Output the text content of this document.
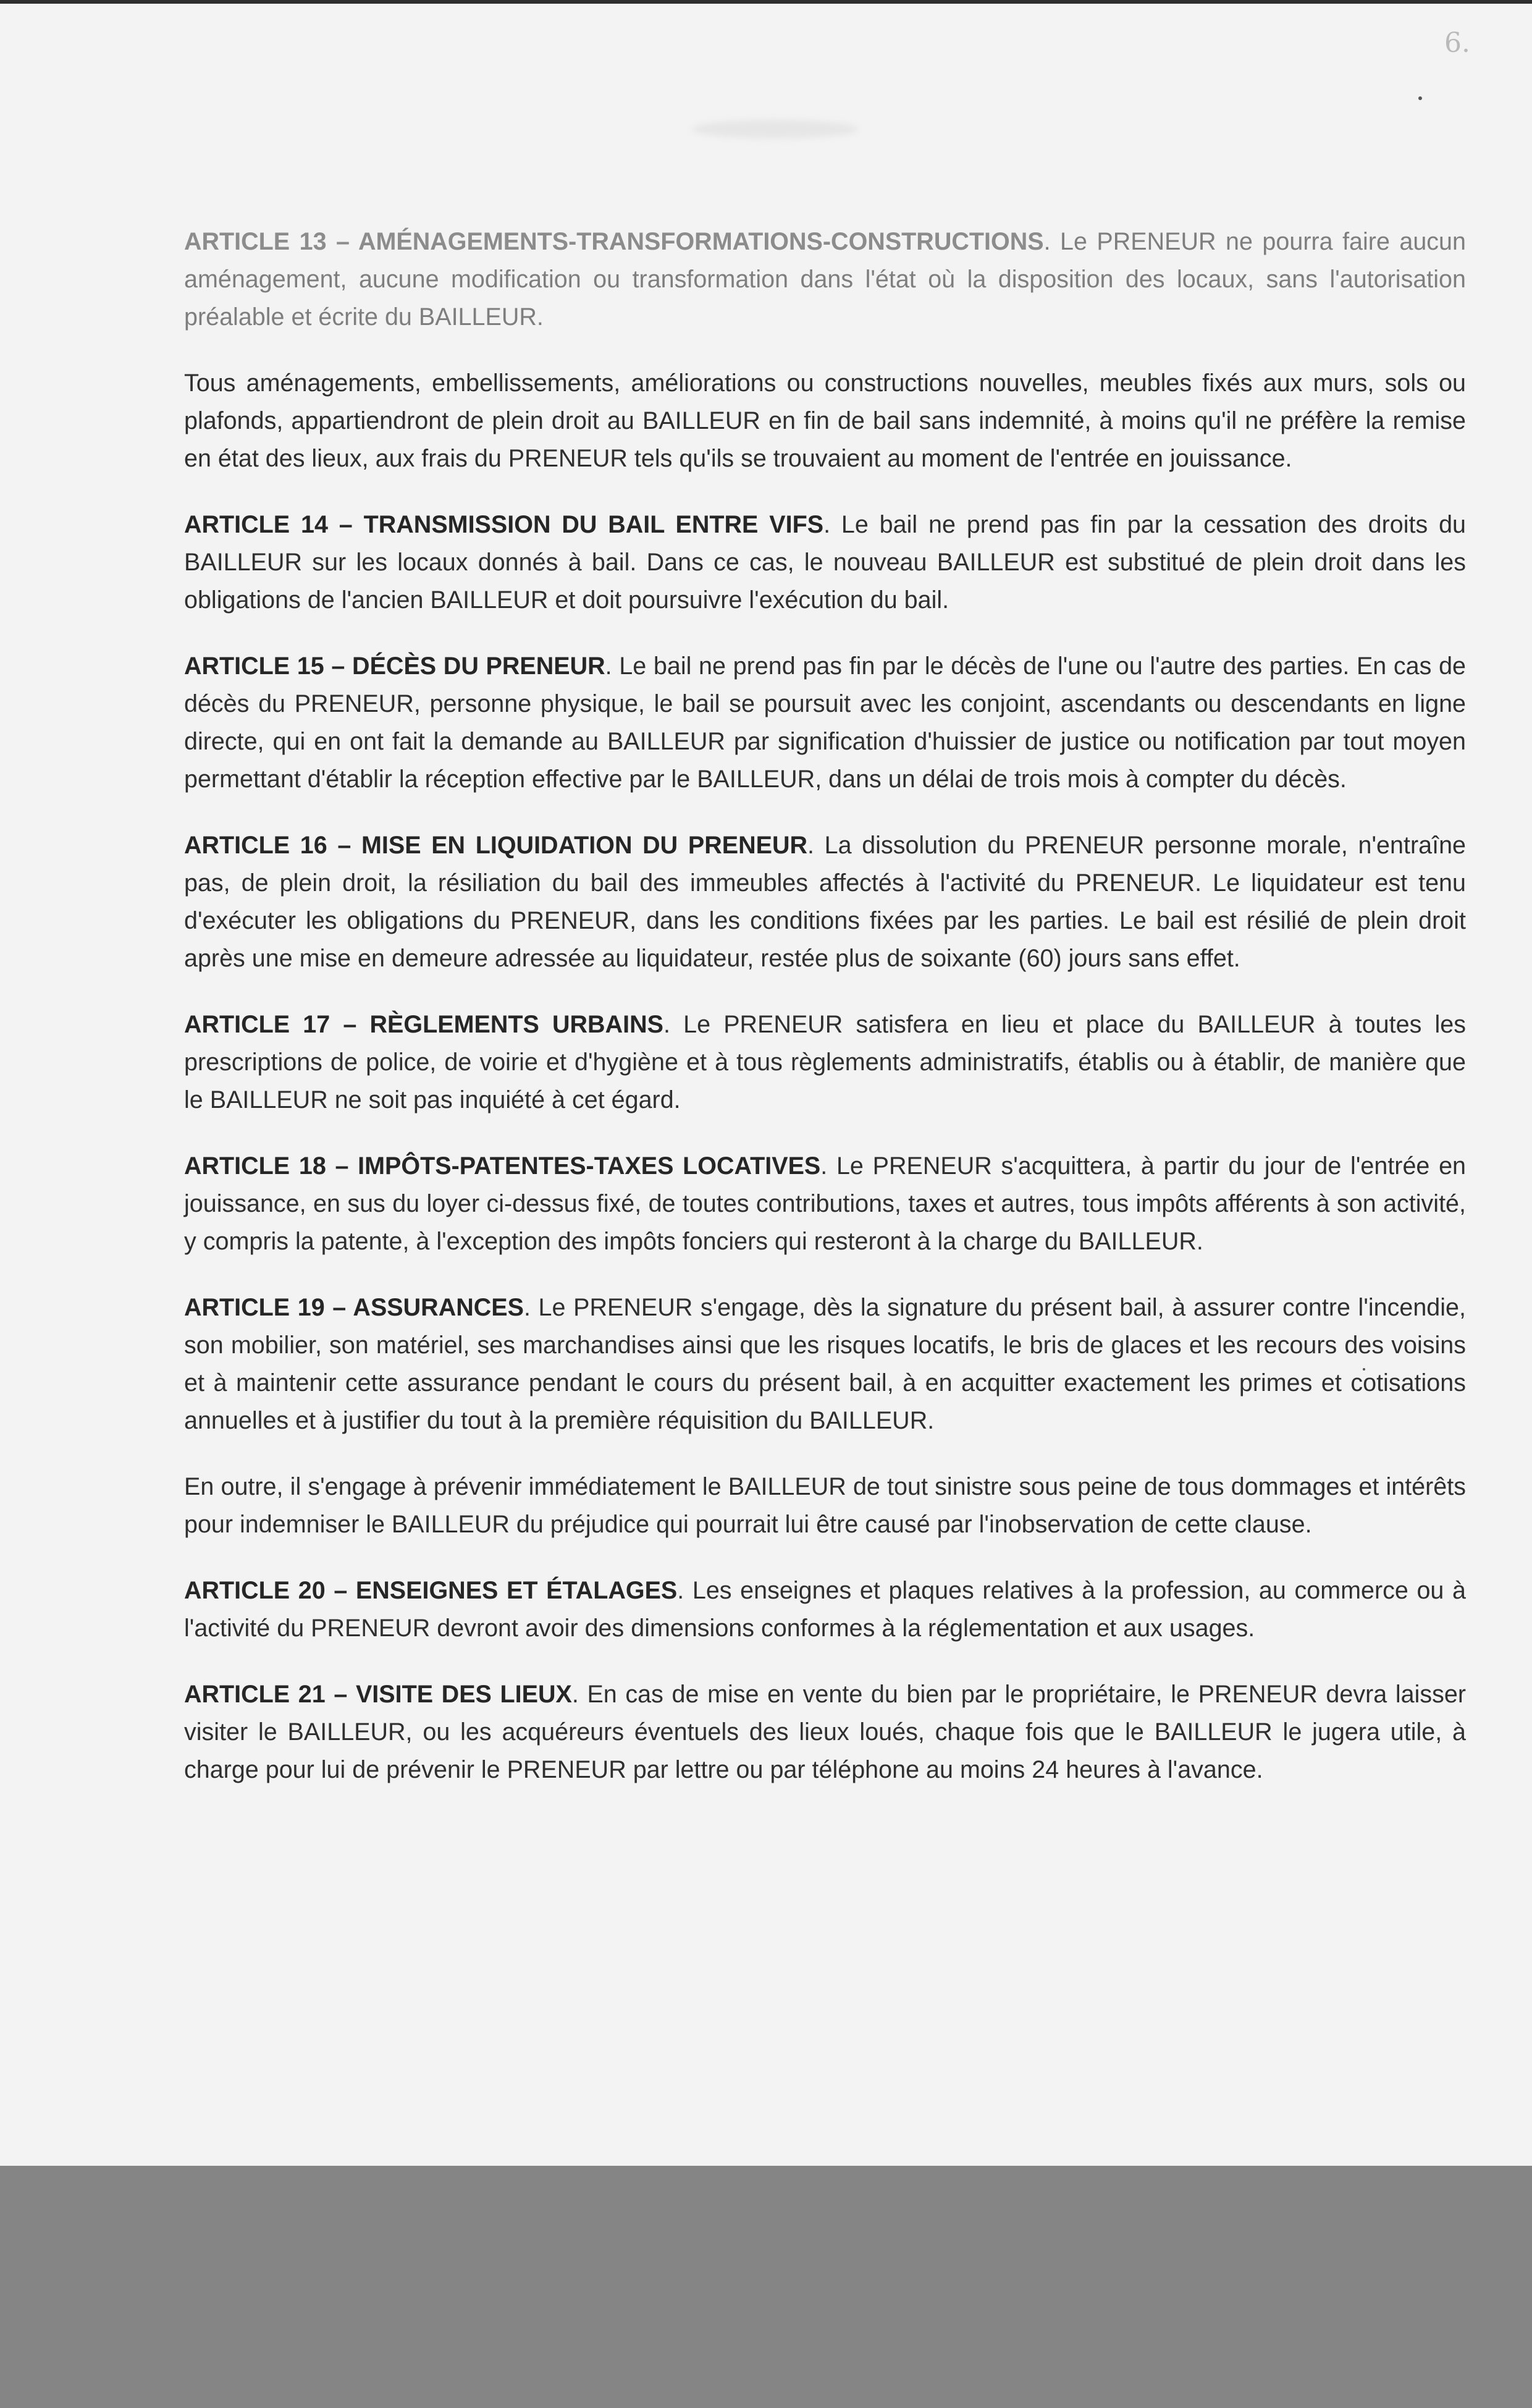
6.

ARTICLE 13 – AMÉNAGEMENTS-TRANSFORMATIONS-CONSTRUCTIONS. Le PRENEUR ne pourra faire aucun aménagement, aucune modification ou transformation dans l'état où la disposition des locaux, sans l'autorisation préalable et écrite du BAILLEUR.

Tous aménagements, embellissements, améliorations ou constructions nouvelles, meubles fixés aux murs, sols ou plafonds, appartiendront de plein droit au BAILLEUR en fin de bail sans indemnité, à moins qu'il ne préfère la remise en état des lieux, aux frais du PRENEUR tels qu'ils se trouvaient au moment de l'entrée en jouissance.

ARTICLE 14 – TRANSMISSION DU BAIL ENTRE VIFS. Le bail ne prend pas fin par la cessation des droits du BAILLEUR sur les locaux donnés à bail. Dans ce cas, le nouveau BAILLEUR est substitué de plein droit dans les obligations de l'ancien BAILLEUR et doit poursuivre l'exécution du bail.

ARTICLE 15 – DÉCÈS DU PRENEUR. Le bail ne prend pas fin par le décès de l'une ou l'autre des parties. En cas de décès du PRENEUR, personne physique, le bail se poursuit avec les conjoint, ascendants ou descendants en ligne directe, qui en ont fait la demande au BAILLEUR par signification d'huissier de justice ou notification par tout moyen permettant d'établir la réception effective par le BAILLEUR, dans un délai de trois mois à compter du décès.

ARTICLE 16 – MISE EN LIQUIDATION DU PRENEUR. La dissolution du PRENEUR personne morale, n'entraîne pas, de plein droit, la résiliation du bail des immeubles affectés à l'activité du PRENEUR. Le liquidateur est tenu d'exécuter les obligations du PRENEUR, dans les conditions fixées par les parties. Le bail est résilié de plein droit après une mise en demeure adressée au liquidateur, restée plus de soixante (60) jours sans effet.

ARTICLE 17 – RÈGLEMENTS URBAINS. Le PRENEUR satisfera en lieu et place du BAILLEUR à toutes les prescriptions de police, de voirie et d'hygiène et à tous règlements administratifs, établis ou à établir, de manière que le BAILLEUR ne soit pas inquiété à cet égard.

ARTICLE 18 – IMPÔTS-PATENTES-TAXES LOCATIVES. Le PRENEUR s'acquittera, à partir du jour de l'entrée en jouissance, en sus du loyer ci-dessus fixé, de toutes contributions, taxes et autres, tous impôts afférents à son activité, y compris la patente, à l'exception des impôts fonciers qui resteront à la charge du BAILLEUR.

ARTICLE 19 – ASSURANCES. Le PRENEUR s'engage, dès la signature du présent bail, à assurer contre l'incendie, son mobilier, son matériel, ses marchandises ainsi que les risques locatifs, le bris de glaces et les recours des voisins et à maintenir cette assurance pendant le cours du présent bail, à en acquitter exactement les primes et cotisations annuelles et à justifier du tout à la première réquisition du BAILLEUR.

En outre, il s'engage à prévenir immédiatement le BAILLEUR de tout sinistre sous peine de tous dommages et intérêts pour indemniser le BAILLEUR du préjudice qui pourrait lui être causé par l'inobservation de cette clause.

ARTICLE 20 – ENSEIGNES ET ÉTALAGES. Les enseignes et plaques relatives à la profession, au commerce ou à l'activité du PRENEUR devront avoir des dimensions conformes à la réglementation et aux usages.

ARTICLE 21 – VISITE DES LIEUX. En cas de mise en vente du bien par le propriétaire, le PRENEUR devra laisser visiter le BAILLEUR, ou les acquéreurs éventuels des lieux loués, chaque fois que le BAILLEUR le jugera utile, à charge pour lui de prévenir le PRENEUR par lettre ou par téléphone au moins 24 heures à l'avance.
